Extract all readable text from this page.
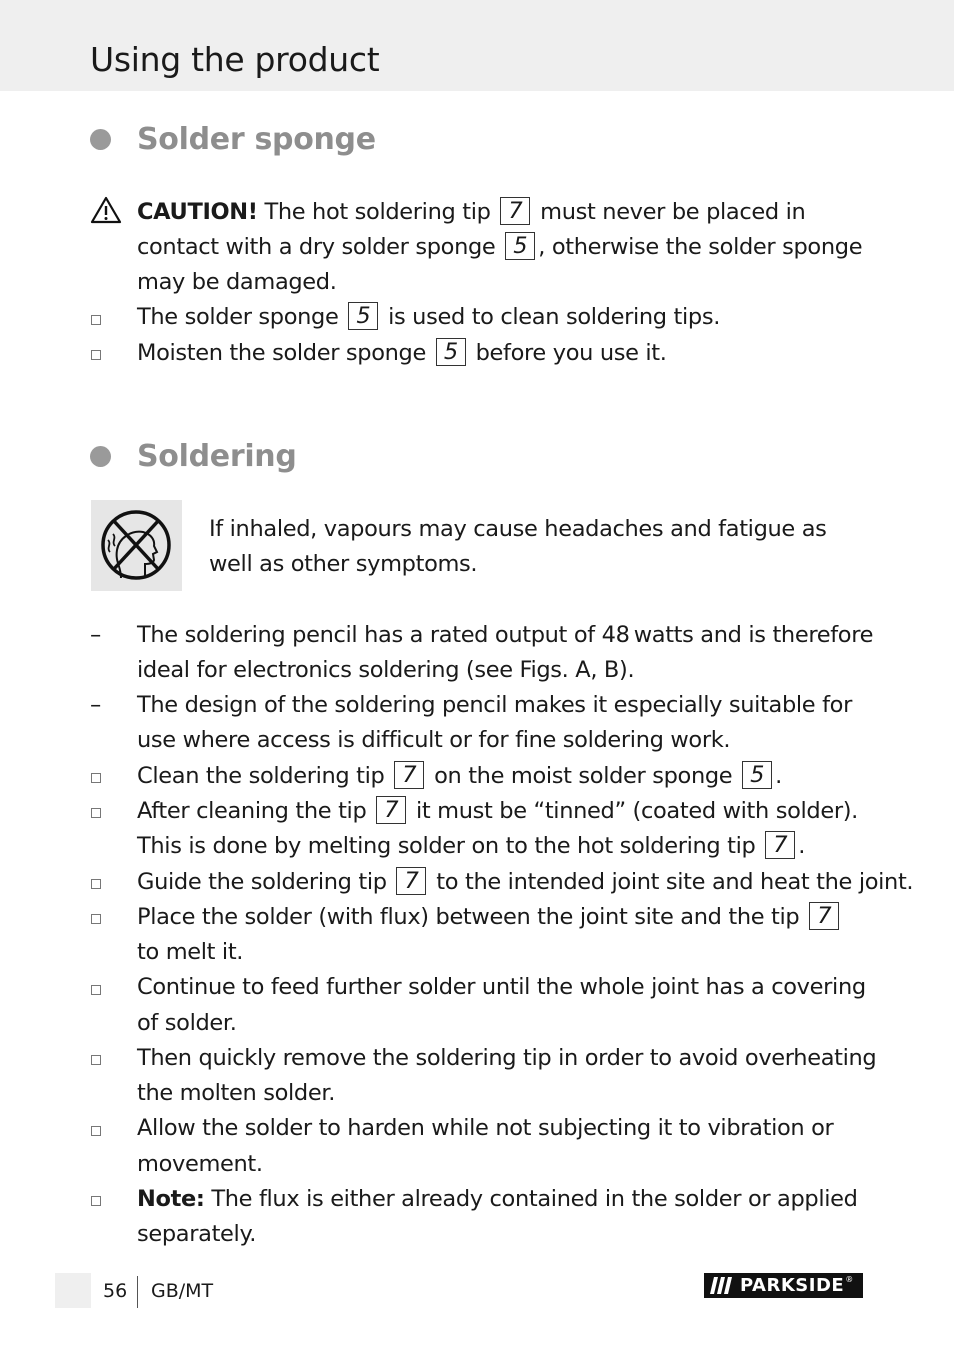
Using the product
Solder sponge
CAUTION! The hot soldering tip 7 must never be placed in
contact with a dry solder sponge 5 , otherwise the solder sponge
may be damaged.
The solder sponge 5 is used to clean soldering tips.
Moisten the solder sponge 5 before you use it.
Soldering
If inhaled, vapours may cause headaches and fatigue as
well as other symptoms.
– The soldering pencil has a rated output of 48 watts and is therefore
ideal for electronics soldering (see Figs. A, B).
– The design of the soldering pencil makes it especially suitable for
use where access is difficult or for fine soldering work.
Clean the soldering tip 7 on the moist solder sponge 5 .
After cleaning the tip 7 it must be “tinned” (coated with solder).
This is done by melting solder on to the hot soldering tip 7 .
Guide the soldering tip 7 to the intended joint site and heat the joint.
Place the solder (with flux) between the joint site and the tip 7
to melt it.
Continue to feed further solder until the whole joint has a covering
of solder.
Then quickly remove the soldering tip in order to avoid overheating
the molten solder.
Allow the solder to harden while not subjecting it to vibration or
movement.
Note: The flux is either already contained in the solder or applied
separately.
56 GB/MT	PARKSIDE ®
